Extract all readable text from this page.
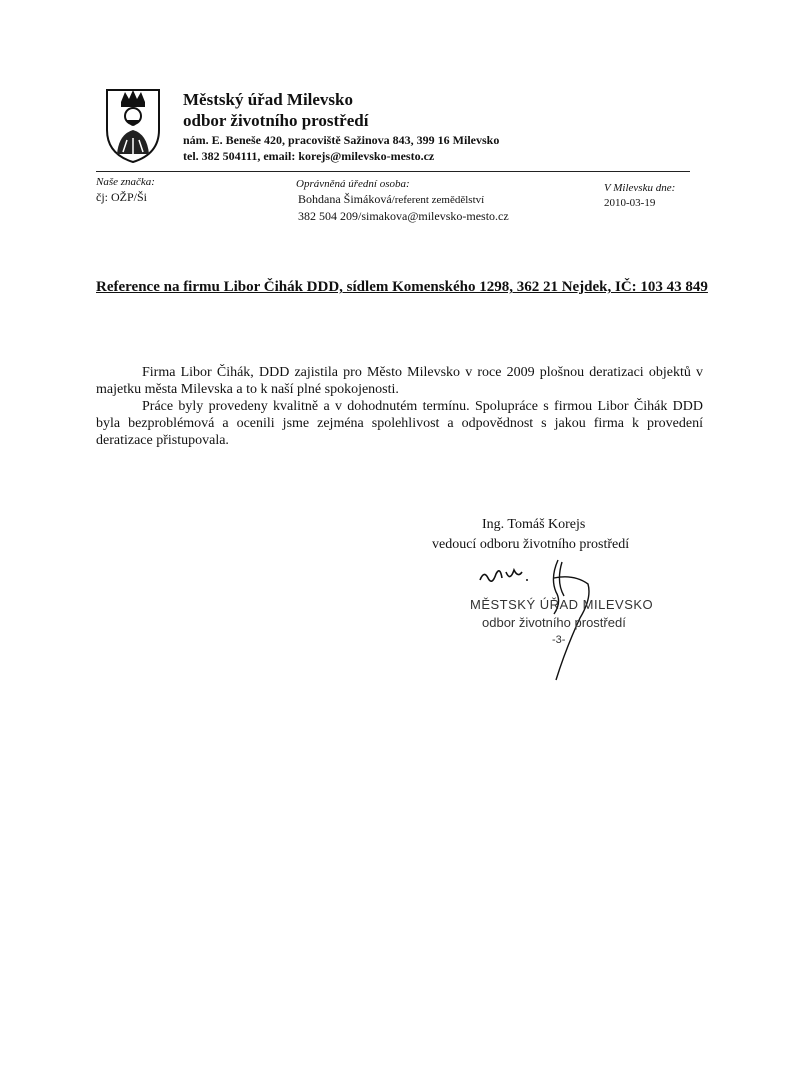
Městský úřad Milevsko
odbor životního prostředí
nám. E. Beneše 420, pracoviště Sažinova 843, 399 16 Milevsko
tel. 382 504111, email: korejs@milevsko-mesto.cz
Naše značka:
čj: OŽP/Ši
Oprávněná úřední osoba:
Bohdana Šimáková/referent zemědělství
382 504 209/simakova@milevsko-mesto.cz
V Milevsku dne:
2010-03-19
Reference na firmu Libor Čihák DDD, sídlem Komenského 1298, 362 21 Nejdek, IČ: 103 43 849

Firma Libor Čihák, DDD zajistila pro Město Milevsko v roce 2009 plošnou deratizaci objektů v majetku města Milevska a to k naší plné spokojenosti.

Práce byly provedeny kvalitně a v dohodnutém termínu. Spolupráce s firmou Libor Čihák DDD byla bezproblémová a ocenili jsme zejména spolehlivost a odpovědnost s jakou firma k provedení deratizace přistupovala.

Ing. Tomáš Korejs
vedoucí odboru životního prostředí
MĚSTSKÝ ÚŘAD MILEVSKO
odbor životního prostředí
-3-
